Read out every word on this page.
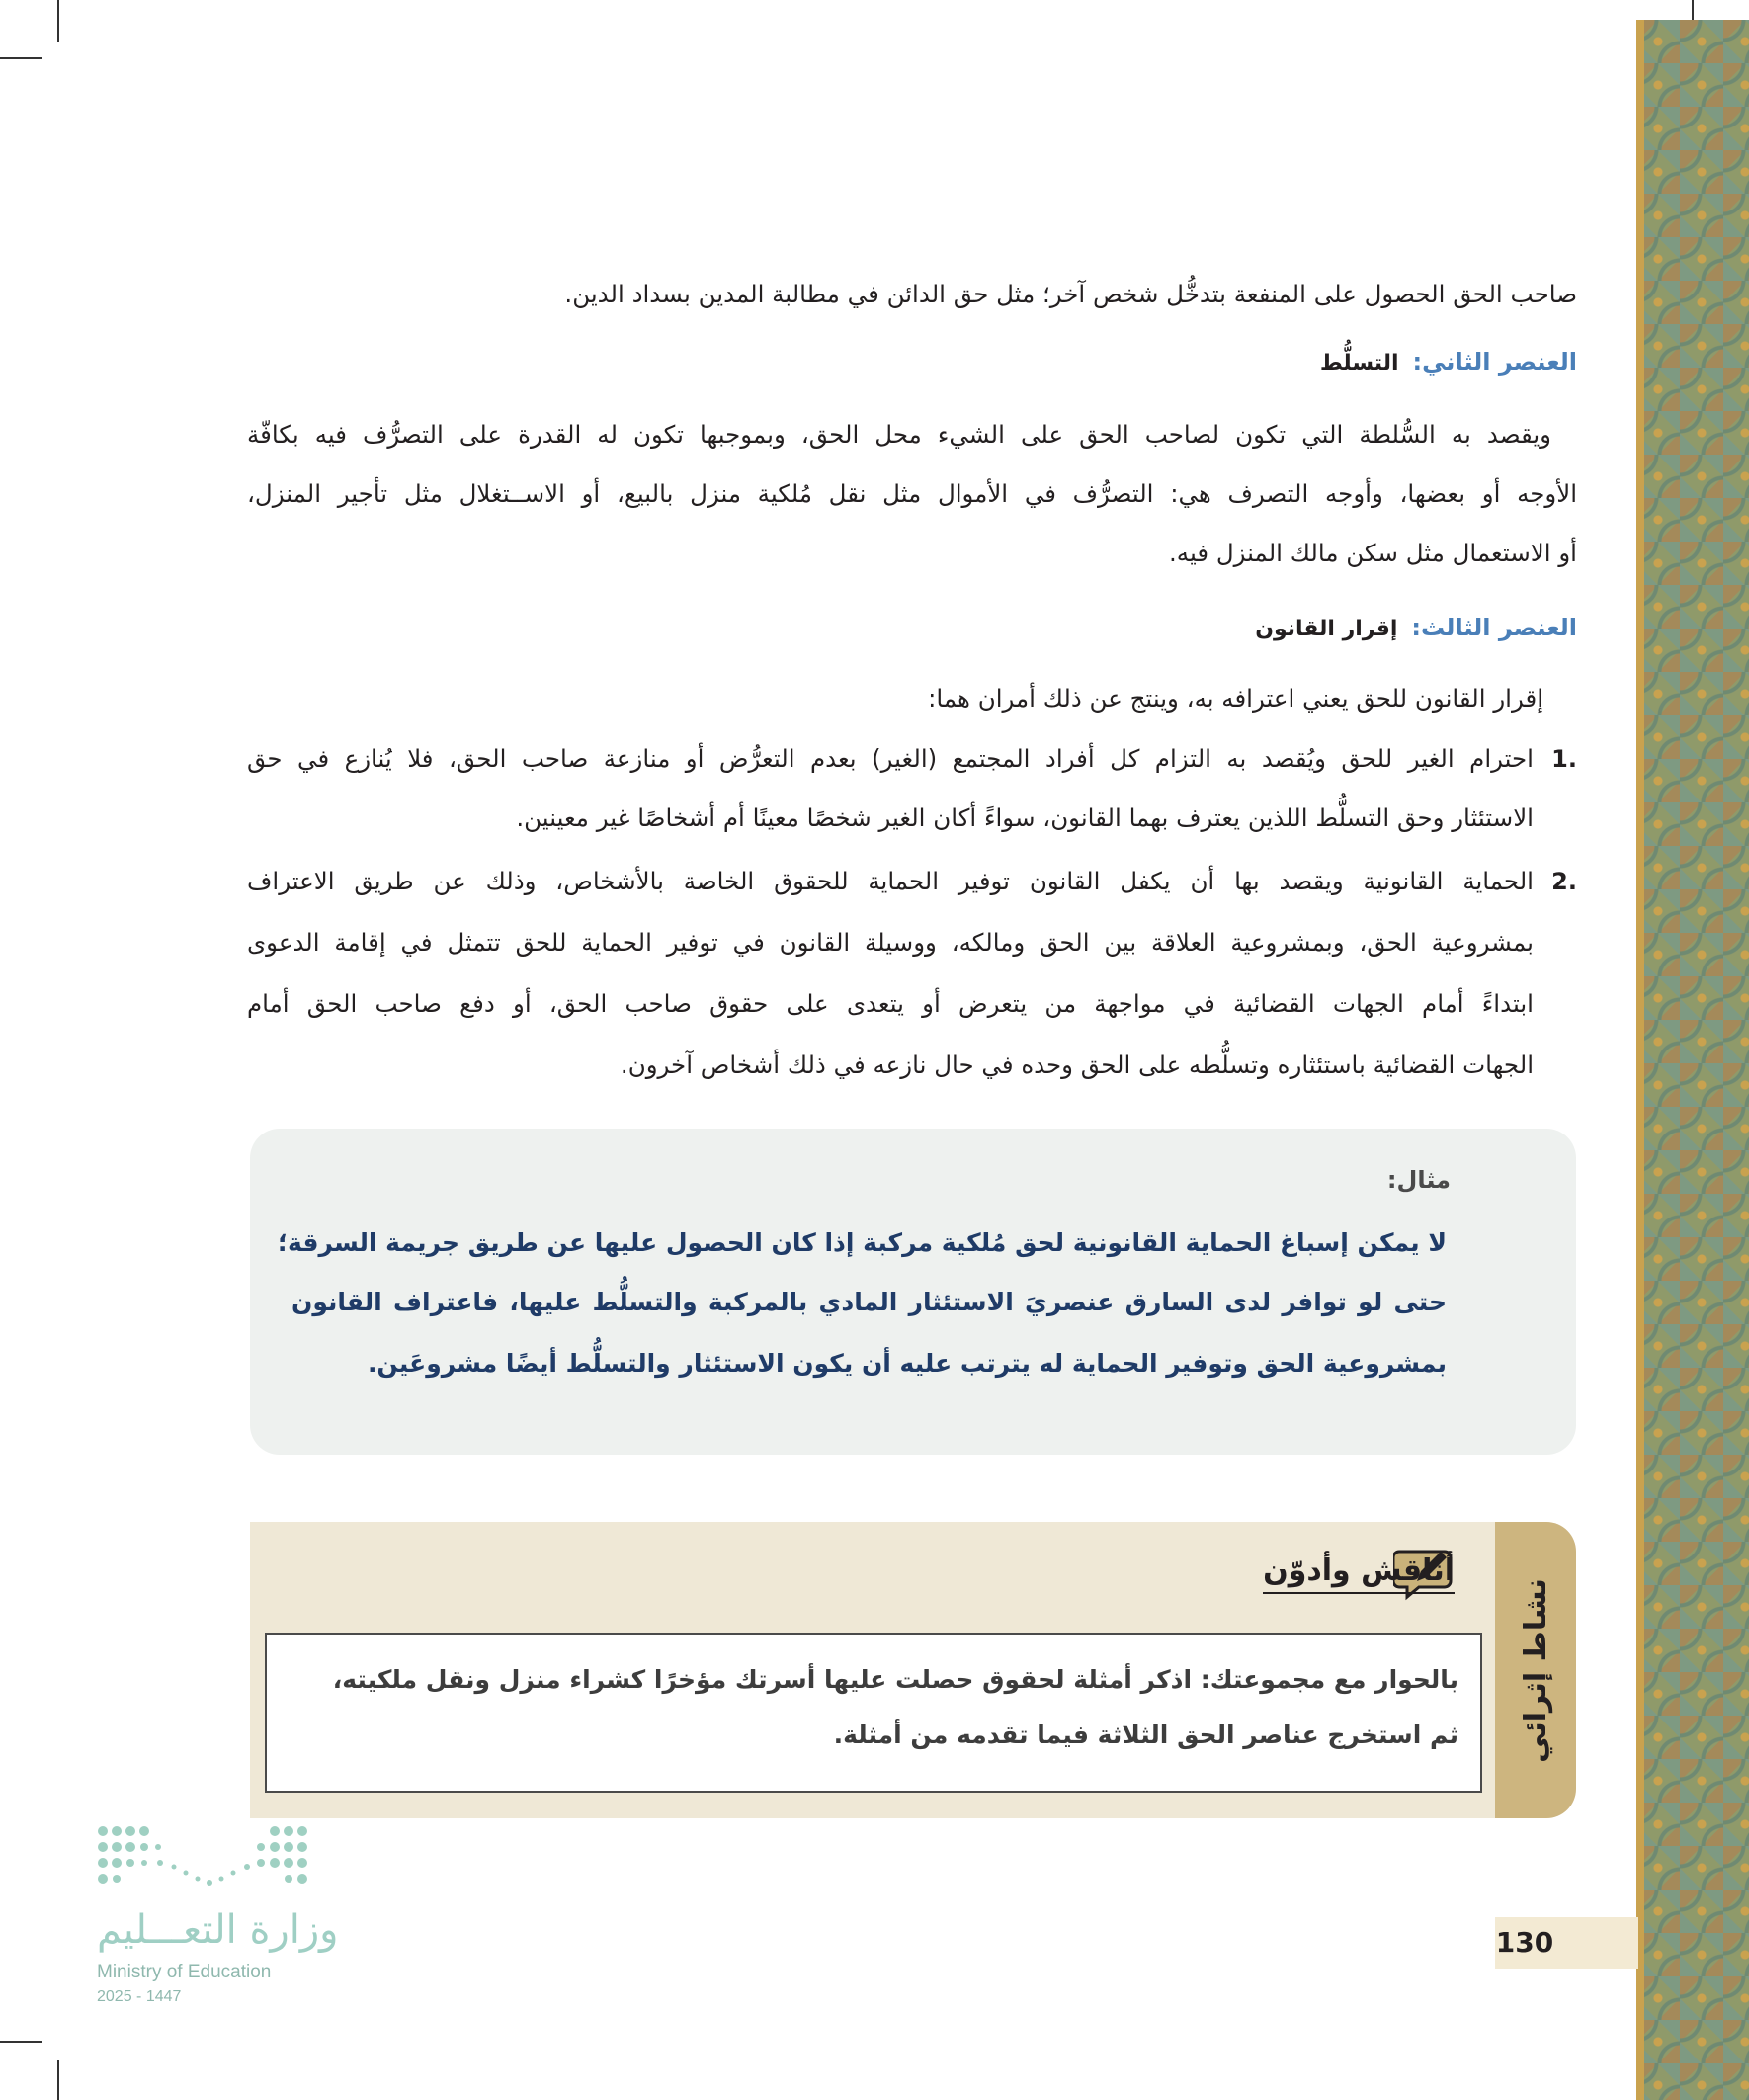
صاحب الحق الحصول على المنفعة بتدخُّل شخص آخر؛ مثل حق الدائن في مطالبة المدين بسداد الدين.
العنصر الثاني:التسلُّط
ويقصد به السُّلطة التي تكون لصاحب الحق على الشيء محل الحق، وبموجبها تكون له القدرة على التصرُّف فيه بكافّة
الأوجه أو بعضها، وأوجه التصرف هي: التصرُّف في الأموال مثل نقل مُلكية منزل بالبيع، أو الاســتغلال مثل تأجير المنزل،
أو الاستعمال مثل سكن مالك المنزل فيه.
العنصر الثالث:إقرار القانون
إقرار القانون للحق يعني اعترافه به، وينتج عن ذلك أمران هما:
1.
احترام الغير للحق ويُقصد به التزام كل أفراد المجتمع (الغير) بعدم التعرُّض أو منازعة صاحب الحق، فلا يُنازع في حق
الاستئثار وحق التسلُّط اللذين يعترف بهما القانون، سواءً أكان الغير شخصًا معينًا أم أشخاصًا غير معينين.
2.
الحماية القانونية ويقصد بها أن يكفل القانون توفير الحماية للحقوق الخاصة بالأشخاص، وذلك عن طريق الاعتراف
بمشروعية الحق، وبمشروعية العلاقة بين الحق ومالكه، ووسيلة القانون في توفير الحماية للحق تتمثل في إقامة الدعوى
ابتداءً أمام الجهات القضائية في مواجهة من يتعرض أو يتعدى على حقوق صاحب الحق، أو دفع صاحب الحق أمام
الجهات القضائية باستئثاره وتسلُّطه على الحق وحده في حال نازعه في ذلك أشخاص آخرون.
مثال:
لا يمكن إسباغ الحماية القانونية لحق مُلكية مركبة إذا كان الحصول عليها عن طريق جريمة السرقة؛
حتى لو توافر لدى السارق عنصريَ الاستئثار المادي بالمركبة والتسلُّط عليها، فاعتراف القانون
بمشروعية الحق وتوفير الحماية له يترتب عليه أن يكون الاستئثار والتسلُّط أيضًا مشروعَين.
نشاط إثرائي
أناقش وأدوّن
بالحوار مع مجموعتك: اذكر أمثلة لحقوق حصلت عليها أسرتك مؤخرًا كشراء منزل ونقل ملكيته،
ثم استخرج عناصر الحق الثلاثة فيما تقدمه من أمثلة.
130
وزارة التعـــليم
Ministry of Education
2025 - 1447
